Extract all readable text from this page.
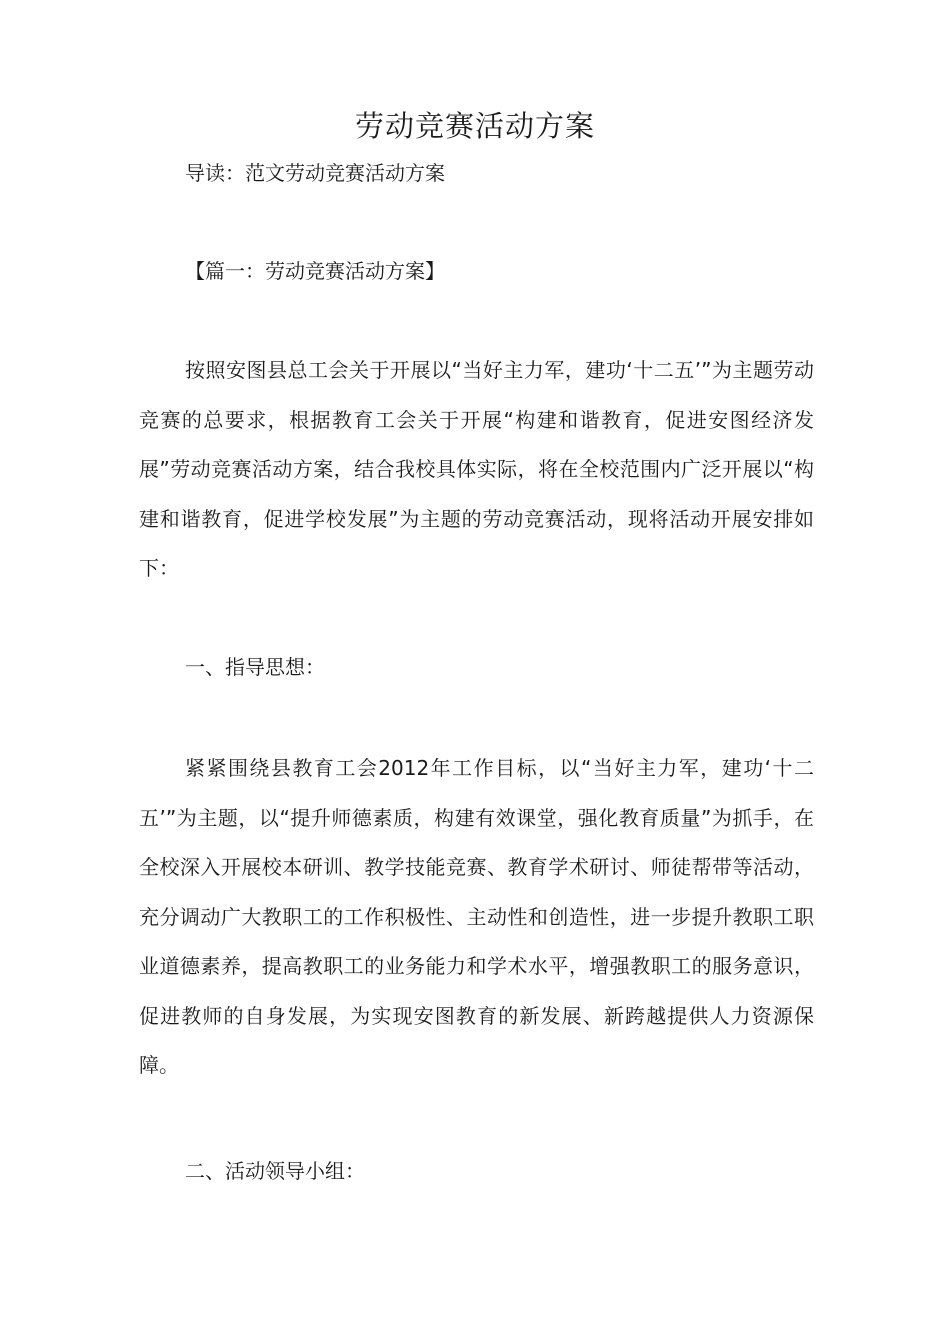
劳动竞赛活动方案

导读：范文劳动竞赛活动方案

【篇一：劳动竞赛活动方案】

按照安图县总工会关于开展以“当好主力军，建功‘十二五’”为主题劳动竞赛的总要求，根据教育工会关于开展“构建和谐教育，促进安图经济发展”劳动竞赛活动方案，结合我校具体实际，将在全校范围内广泛开展以“构建和谐教育，促进学校发展”为主题的劳动竞赛活动，现将活动开展安排如下：

一、指导思想：

紧紧围绕县教育工会2012年工作目标，以“当好主力军，建功‘十二五’”为主题，以“提升师德素质，构建有效课堂，强化教育质量”为抓手，在全校深入开展校本研训、教学技能竞赛、教育学术研讨、师徒帮带等活动，充分调动广大教职工的工作积极性、主动性和创造性，进一步提升教职工职业道德素养，提高教职工的业务能力和学术水平，增强教职工的服务意识，促进教师的自身发展，为实现安图教育的新发展、新跨越提供人力资源保障。

二、活动领导小组：
